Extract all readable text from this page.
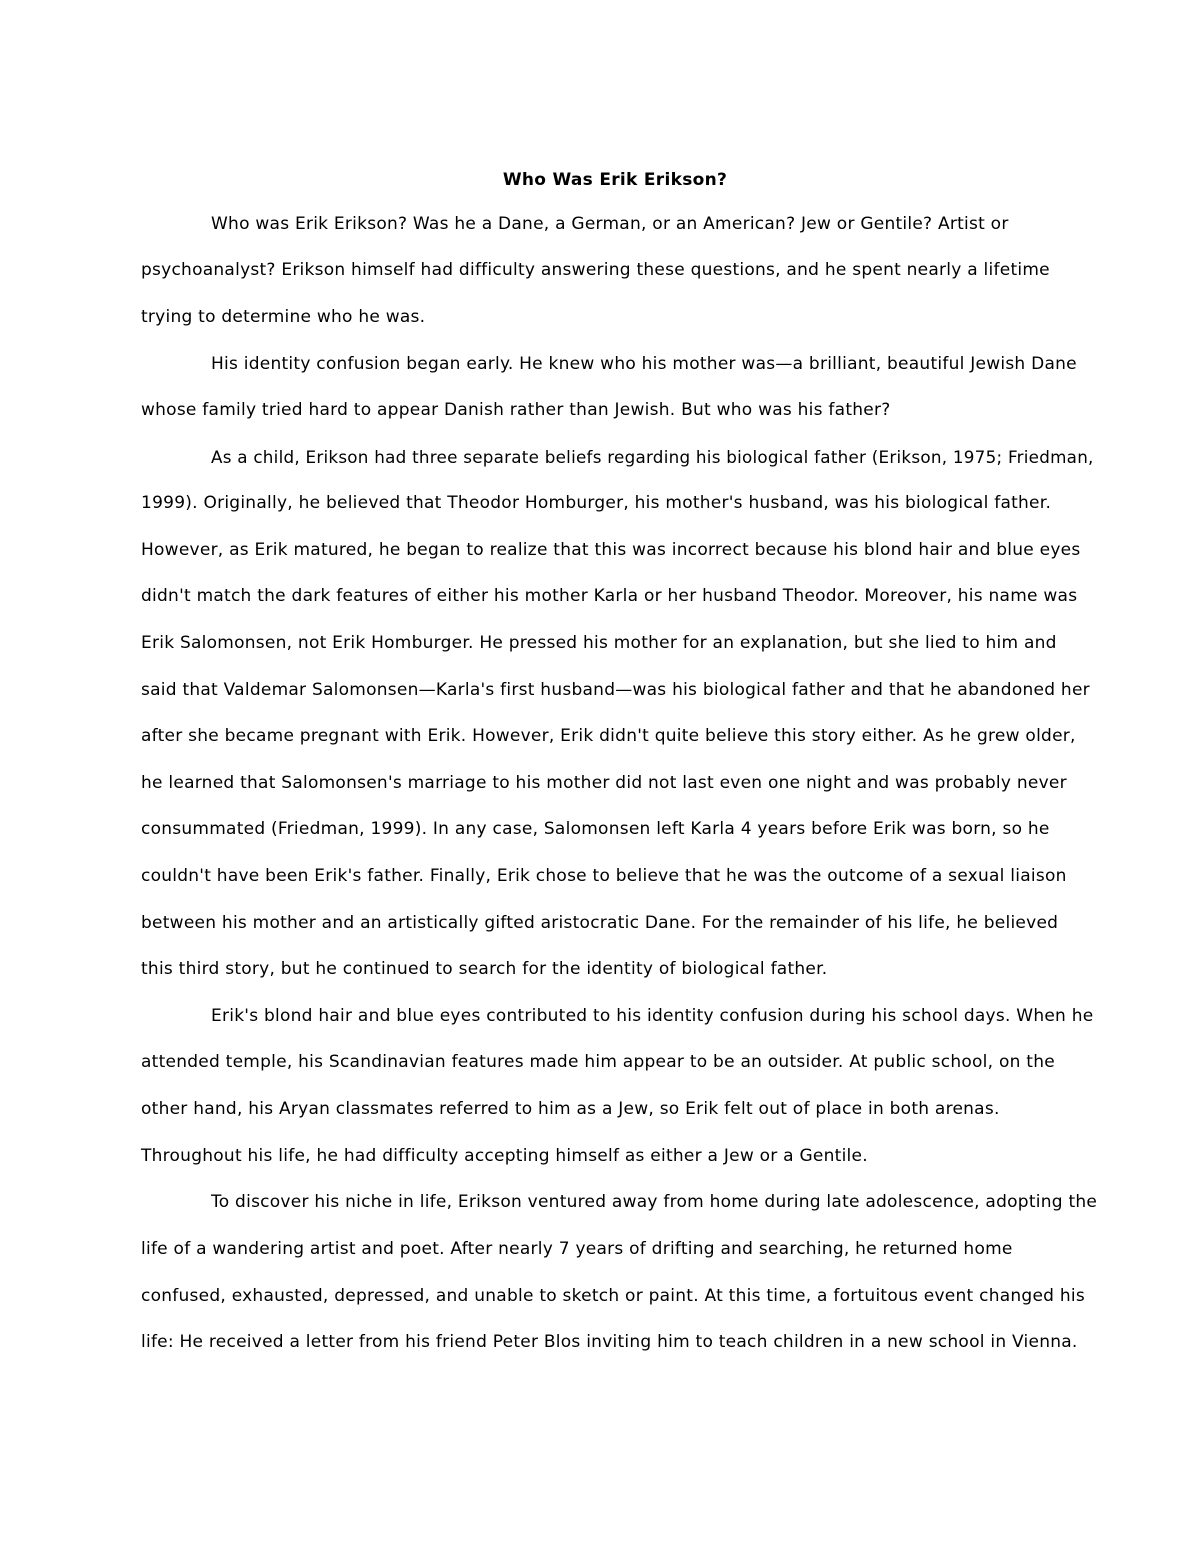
Who Was Erik Erikson?
Who was Erik Erikson? Was he a Dane, a German, or an American? Jew or Gentile? Artist or
psychoanalyst? Erikson himself had difficulty answering these questions, and he spent nearly a lifetime
trying to determine who he was.
His identity confusion began early. He knew who his mother was—a brilliant, beautiful Jewish Dane
whose family tried hard to appear Danish rather than Jewish. But who was his father?
As a child, Erikson had three separate beliefs regarding his biological father (Erikson, 1975; Friedman,
1999). Originally, he believed that Theodor Homburger, his mother's husband, was his biological father.
However, as Erik matured, he began to realize that this was incorrect because his blond hair and blue eyes
didn't match the dark features of either his mother Karla or her husband Theodor. Moreover, his name was
Erik Salomonsen, not Erik Homburger. He pressed his mother for an explanation, but she lied to him and
said that Valdemar Salomonsen—Karla's first husband—was his biological father and that he abandoned her
after she became pregnant with Erik. However, Erik didn't quite believe this story either. As he grew older,
he learned that Salomonsen's marriage to his mother did not last even one night and was probably never
consummated (Friedman, 1999). In any case, Salomonsen left Karla 4 years before Erik was born, so he
couldn't have been Erik's father. Finally, Erik chose to believe that he was the outcome of a sexual liaison
between his mother and an artistically gifted aristocratic Dane. For the remainder of his life, he believed
this third story, but he continued to search for the identity of biological father.
Erik's blond hair and blue eyes contributed to his identity confusion during his school days. When he
attended temple, his Scandinavian features made him appear to be an outsider. At public school, on the
other hand, his Aryan classmates referred to him as a Jew, so Erik felt out of place in both arenas.
Throughout his life, he had difficulty accepting himself as either a Jew or a Gentile.
To discover his niche in life, Erikson ventured away from home during late adolescence, adopting the
life of a wandering artist and poet. After nearly 7 years of drifting and searching, he returned home
confused, exhausted, depressed, and unable to sketch or paint. At this time, a fortuitous event changed his
life: He received a letter from his friend Peter Blos inviting him to teach children in a new school in Vienna.
